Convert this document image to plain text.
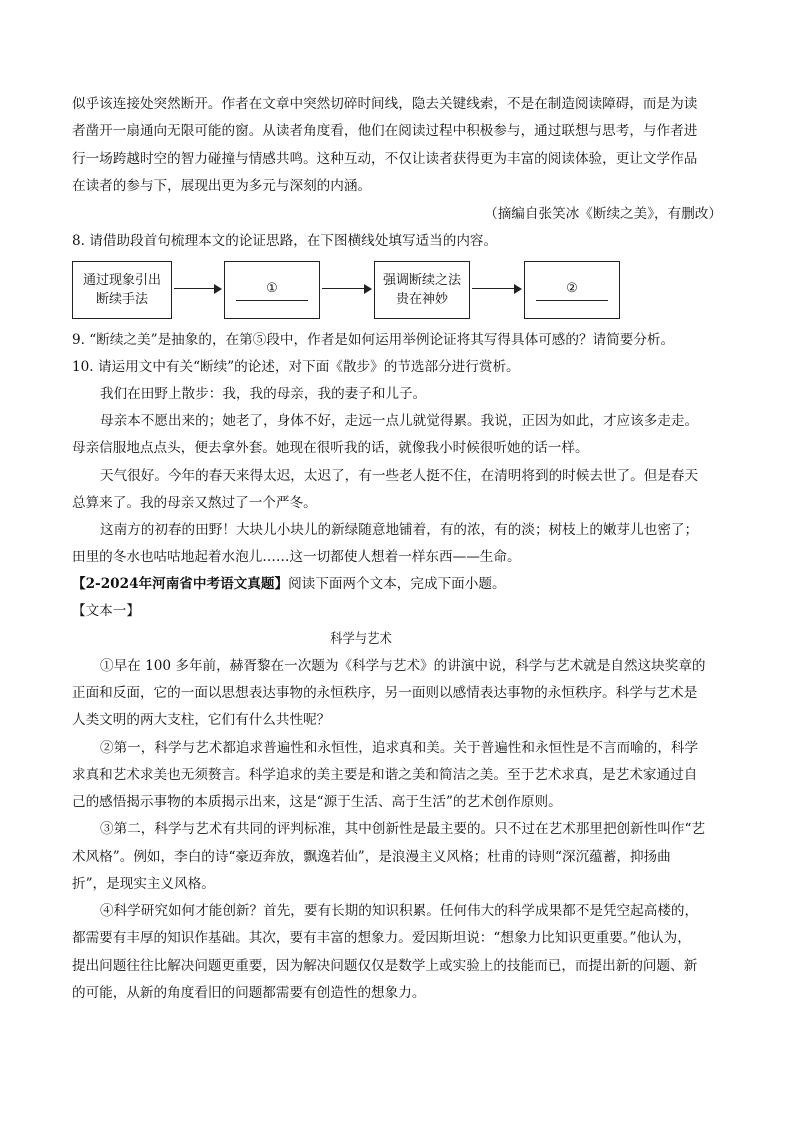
似乎该连接处突然断开。作者在文章中突然切碎时间线，隐去关键线索，不是在制造阅读障碍，而是为读
者凿开一扇通向无限可能的窗。从读者角度看，他们在阅读过程中积极参与，通过联想与思考，与作者进
行一场跨越时空的智力碰撞与情感共鸣。这种互动，不仅让读者获得更为丰富的阅读体验，更让文学作品
在读者的参与下，展现出更为多元与深刻的内涵。
（摘编自张笑冰《断续之美》，有删改）
8. 请借助段首句梳理本文的论证思路，在下图横线处填写适当的内容。
通过现象引出
断续手法
①
强调断续之法
贵在神妙
②
9. “断续之美”是抽象的，在第⑤段中，作者是如何运用举例论证将其写得具体可感的？请简要分析。
10. 请运用文中有关“断续”的论述，对下面《散步》的节选部分进行赏析。
我们在田野上散步：我，我的母亲，我的妻子和儿子。
母亲本不愿出来的；她老了，身体不好，走远一点儿就觉得累。我说，正因为如此，才应该多走走。
母亲信服地点点头，便去拿外套。她现在很听我的话，就像我小时候很听她的话一样。
天气很好。今年的春天来得太迟，太迟了，有一些老人挺不住，在清明将到的时候去世了。但是春天
总算来了。我的母亲又熬过了一个严冬。
这南方的初春的田野！大块儿小块儿的新绿随意地铺着，有的浓，有的淡；树枝上的嫩芽儿也密了；
田里的冬水也咕咕地起着水泡儿……这一切都使人想着一样东西——生命。
【2-2024年河南省中考语文真题】阅读下面两个文本，完成下面小题。
【文本一】
科学与艺术
①早在 100 多年前，赫胥黎在一次题为《科学与艺术》的讲演中说，科学与艺术就是自然这块奖章的
正面和反面，它的一面以思想表达事物的永恒秩序，另一面则以感情表达事物的永恒秩序。科学与艺术是
人类文明的两大支柱，它们有什么共性呢？
②第一，科学与艺术都追求普遍性和永恒性，追求真和美。关于普遍性和永恒性是不言而喻的，科学
求真和艺术求美也无须赘言。科学追求的美主要是和谐之美和简洁之美。至于艺术求真，是艺术家通过自
己的感悟揭示事物的本质揭示出来，这是“源于生活、高于生活”的艺术创作原则。
③第二，科学与艺术有共同的评判标准，其中创新性是最主要的。只不过在艺术那里把创新性叫作“艺
术风格”。例如，李白的诗“豪迈奔放，飘逸若仙”，是浪漫主义风格；杜甫的诗则“深沉蕴蓄，抑扬曲
折”，是现实主义风格。
④科学研究如何才能创新？首先，要有长期的知识积累。任何伟大的科学成果都不是凭空起高楼的，
都需要有丰厚的知识作基础。其次，要有丰富的想象力。爱因斯坦说：“想象力比知识更重要。”他认为，
提出问题往往比解决问题更重要，因为解决问题仅仅是数学上或实验上的技能而已，而提出新的问题、新
的可能，从新的角度看旧的问题都需要有创造性的想象力。
